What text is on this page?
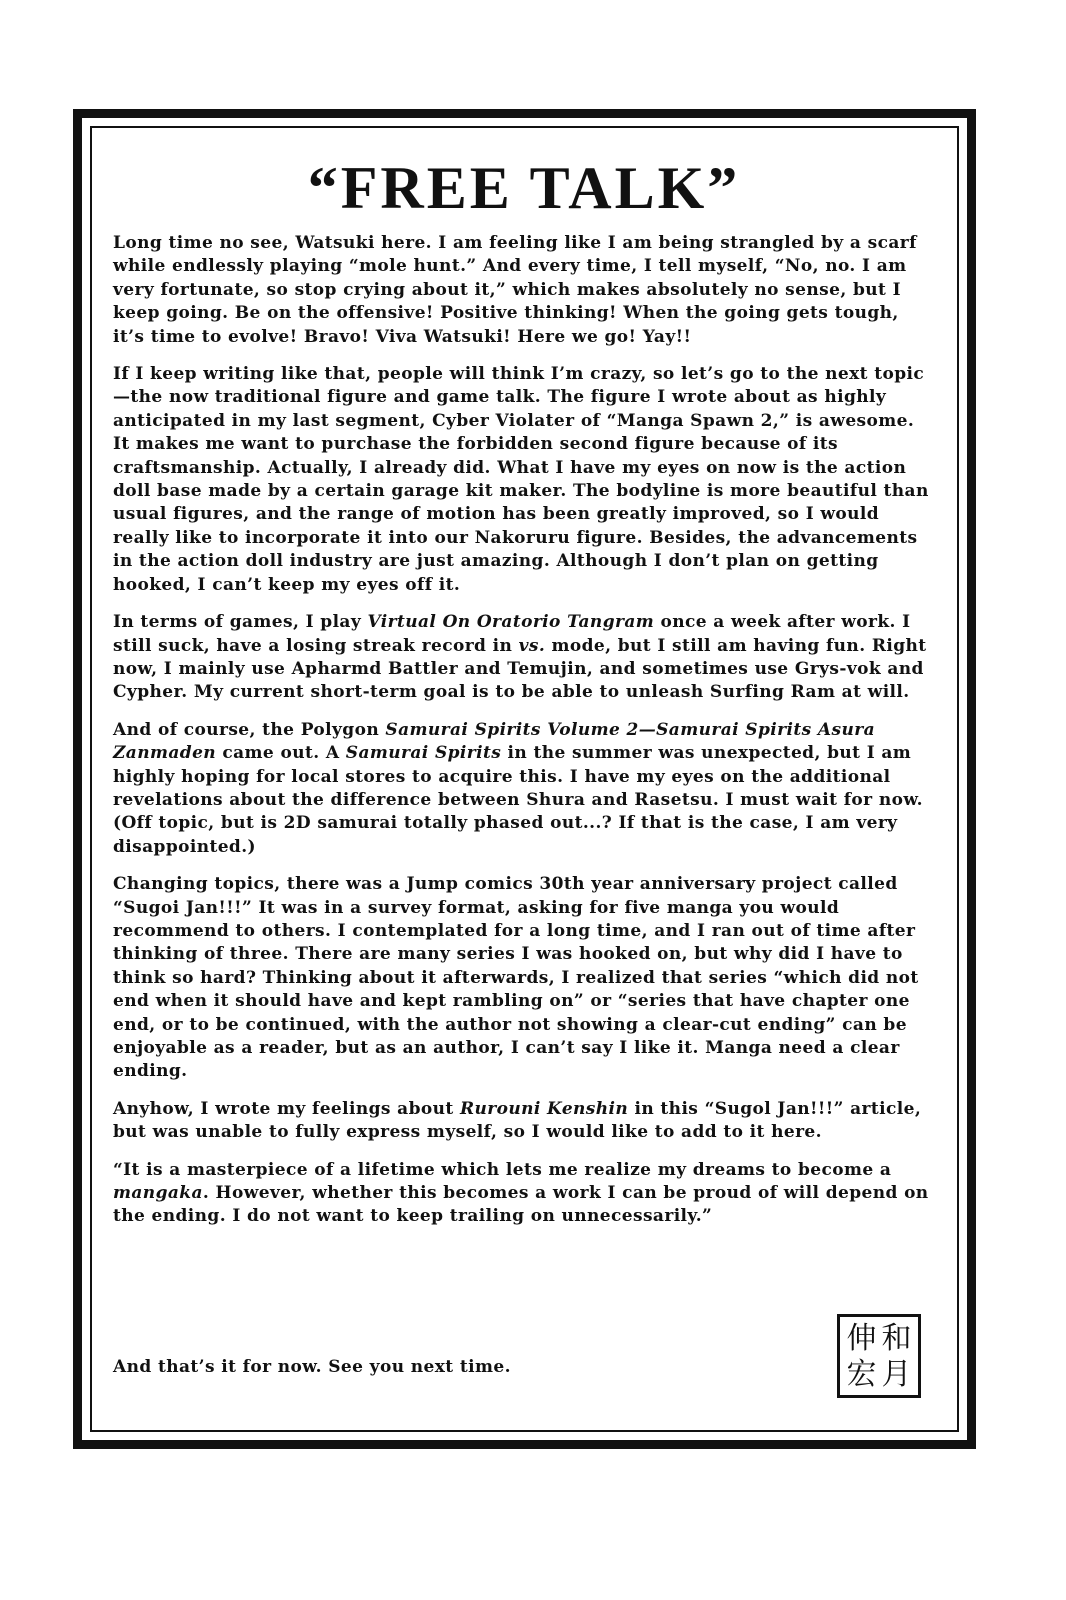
“FREE TALK”

Long time no see, Watsuki here. I am feeling like I am being strangled by a scarf while endlessly playing “mole hunt.” And every time, I tell myself, “No, no. I am very fortunate, so stop crying about it,” which makes absolutely no sense, but I keep going. Be on the offensive! Positive thinking! When the going gets tough, it’s time to evolve! Bravo! Viva Watsuki! Here we go! Yay!!

If I keep writing like that, people will think I’m crazy, so let’s go to the next topic—the now traditional figure and game talk. The figure I wrote about as highly anticipated in my last segment, Cyber Violater of “Manga Spawn 2,” is awesome. It makes me want to purchase the forbidden second figure because of its craftsmanship. Actually, I already did. What I have my eyes on now is the action doll base made by a certain garage kit maker. The bodyline is more beautiful than usual figures, and the range of motion has been greatly improved, so I would really like to incorporate it into our Nakoruru figure. Besides, the advancements in the action doll industry are just amazing. Although I don’t plan on getting hooked, I can’t keep my eyes off it.

In terms of games, I play Virtual On Oratorio Tangram once a week after work. I still suck, have a losing streak record in vs. mode, but I still am having fun. Right now, I mainly use Apharmd Battler and Temujin, and sometimes use Grys-vok and Cypher. My current short-term goal is to be able to unleash Surfing Ram at will.

And of course, the Polygon Samurai Spirits Volume 2—Samurai Spirits Asura Zanmaden came out. A Samurai Spirits in the summer was unexpected, but I am highly hoping for local stores to acquire this. I have my eyes on the additional revelations about the difference between Shura and Rasetsu. I must wait for now. (Off topic, but is 2D samurai totally phased out...? If that is the case, I am very disappointed.)

Changing topics, there was a Jump comics 30th year anniversary project called “Sugoi Jan!!!” It was in a survey format, asking for five manga you would recommend to others. I contemplated for a long time, and I ran out of time after thinking of three. There are many series I was hooked on, but why did I have to think so hard? Thinking about it afterwards, I realized that series “which did not end when it should have and kept rambling on” or “series that have chapter one end, or to be continued, with the author not showing a clear-cut ending” can be enjoyable as a reader, but as an author, I can’t say I like it. Manga need a clear ending.

Anyhow, I wrote my feelings about Rurouni Kenshin in this “Sugol Jan!!!” article, but was unable to fully express myself, so I would like to add to it here.

“It is a masterpiece of a lifetime which lets me realize my dreams to become a mangaka. However, whether this becomes a work I can be proud of will depend on the ending. I do not want to keep trailing on unnecessarily.”

And that’s it for now. See you next time.

伸 和
宏 月
